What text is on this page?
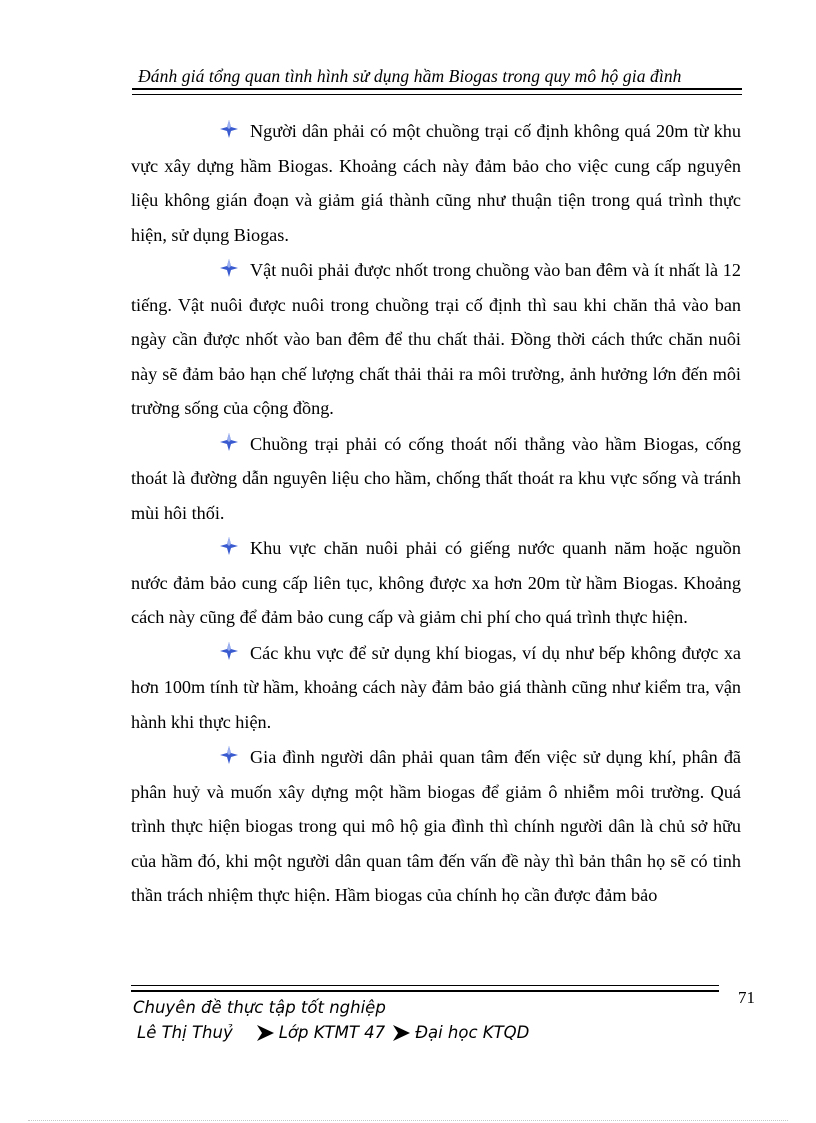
Đánh giá tổng quan tình hình sử dụng hầm Biogas trong quy mô hộ gia đình

Người dân phải có một chuồng trại cố định không quá 20m từ khu vực xây dựng hầm Biogas. Khoảng cách này đảm bảo cho việc cung cấp nguyên liệu không gián đoạn và giảm giá thành cũng như thuận tiện trong quá trình thực hiện, sử dụng Biogas.

Vật nuôi phải được nhốt trong chuồng vào ban đêm và ít nhất là 12 tiếng. Vật nuôi được nuôi trong chuồng trại cố định thì sau khi chăn thả vào ban ngày cần được nhốt vào ban đêm để thu chất thải. Đồng thời cách thức chăn nuôi này sẽ đảm bảo hạn chế lượng chất thải thải ra môi trường, ảnh hưởng lớn đến môi trường sống của cộng đồng.

Chuồng trại phải có cống thoát nối thẳng vào hầm Biogas, cống thoát là đường dẫn nguyên liệu cho hầm, chống thất thoát ra khu vực sống và tránh mùi hôi thối.

Khu vực chăn nuôi phải có giếng nước quanh năm hoặc nguồn nước đảm bảo cung cấp liên tục, không được xa hơn 20m từ hầm Biogas. Khoảng cách này cũng để đảm bảo cung cấp và giảm chi phí cho quá trình thực hiện.

Các khu vực để sử dụng khí biogas, ví dụ như bếp không được xa hơn 100m tính từ hầm, khoảng cách này đảm bảo giá thành cũng như kiểm tra, vận hành khi thực hiện.

Gia đình người dân phải quan tâm đến việc sử dụng khí, phân đã phân huỷ và muốn xây dựng một hầm biogas để giảm ô nhiễm môi trường. Quá trình thực hiện biogas trong qui mô hộ gia đình thì chính người dân là chủ sở hữu của hầm đó, khi một người dân quan tâm đến vấn đề này thì bản thân họ sẽ có tinh thần trách nhiệm thực hiện. Hầm biogas của chính họ cần được đảm bảo

71
Chuyên đề thực tập tốt nghiệp
Lê Thị Thuỷ	Lớp KTMT 47 Đại học KTQD
